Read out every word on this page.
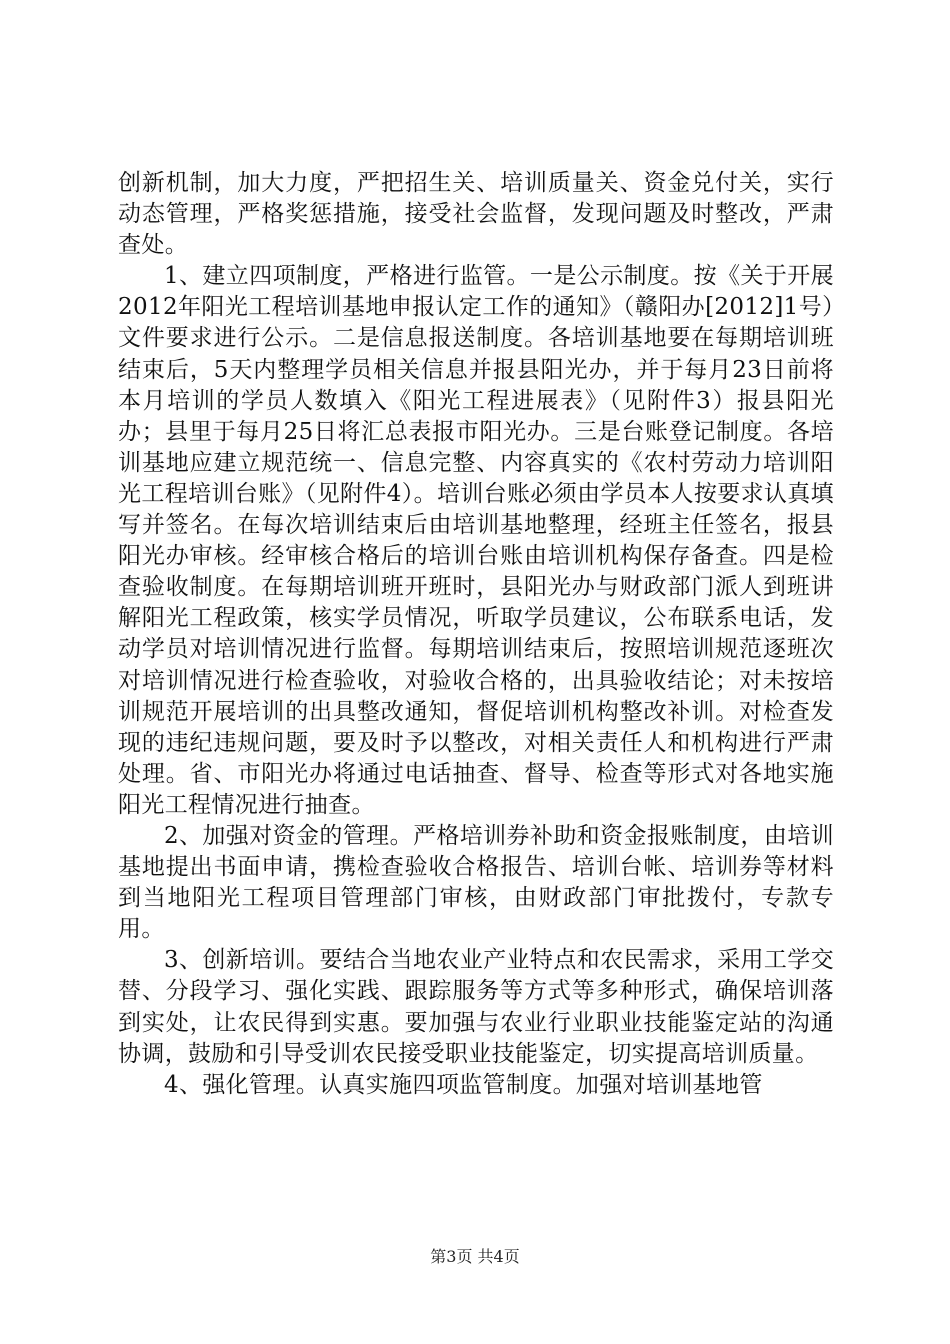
创新机制，加大力度，严把招生关、培训质量关、资金兑付关，实行动态管理，严格奖惩措施，接受社会监督，发现问题及时整改，严肃查处。

1、建立四项制度，严格进行监管。一是公示制度。按《关于开展2012年阳光工程培训基地申报认定工作的通知》（赣阳办[2012]1号）文件要求进行公示。二是信息报送制度。各培训基地要在每期培训班结束后，5天内整理学员相关信息并报县阳光办，并于每月23日前将本月培训的学员人数填入《阳光工程进展表》（见附件3）报县阳光办；县里于每月25日将汇总表报市阳光办。三是台账登记制度。各培训基地应建立规范统一、信息完整、内容真实的《农村劳动力培训阳光工程培训台账》（见附件4）。培训台账必须由学员本人按要求认真填写并签名。在每次培训结束后由培训基地整理，经班主任签名，报县阳光办审核。经审核合格后的培训台账由培训机构保存备查。四是检查验收制度。在每期培训班开班时，县阳光办与财政部门派人到班讲解阳光工程政策，核实学员情况，听取学员建议，公布联系电话，发动学员对培训情况进行监督。每期培训结束后，按照培训规范逐班次对培训情况进行检查验收，对验收合格的，出具验收结论；对未按培训规范开展培训的出具整改通知，督促培训机构整改补训。对检查发现的违纪违规问题，要及时予以整改，对相关责任人和机构进行严肃处理。省、市阳光办将通过电话抽查、督导、检查等形式对各地实施阳光工程情况进行抽查。

2、加强对资金的管理。严格培训券补助和资金报账制度，由培训基地提出书面申请，携检查验收合格报告、培训台帐、培训券等材料到当地阳光工程项目管理部门审核，由财政部门审批拨付，专款专用。

3、创新培训。要结合当地农业产业特点和农民需求，采用工学交替、分段学习、强化实践、跟踪服务等方式等多种形式，确保培训落到实处，让农民得到实惠。要加强与农业行业职业技能鉴定站的沟通协调，鼓励和引导受训农民接受职业技能鉴定，切实提高培训质量。

4、强化管理。认真实施四项监管制度。加强对培训基地管

第3页 共4页
